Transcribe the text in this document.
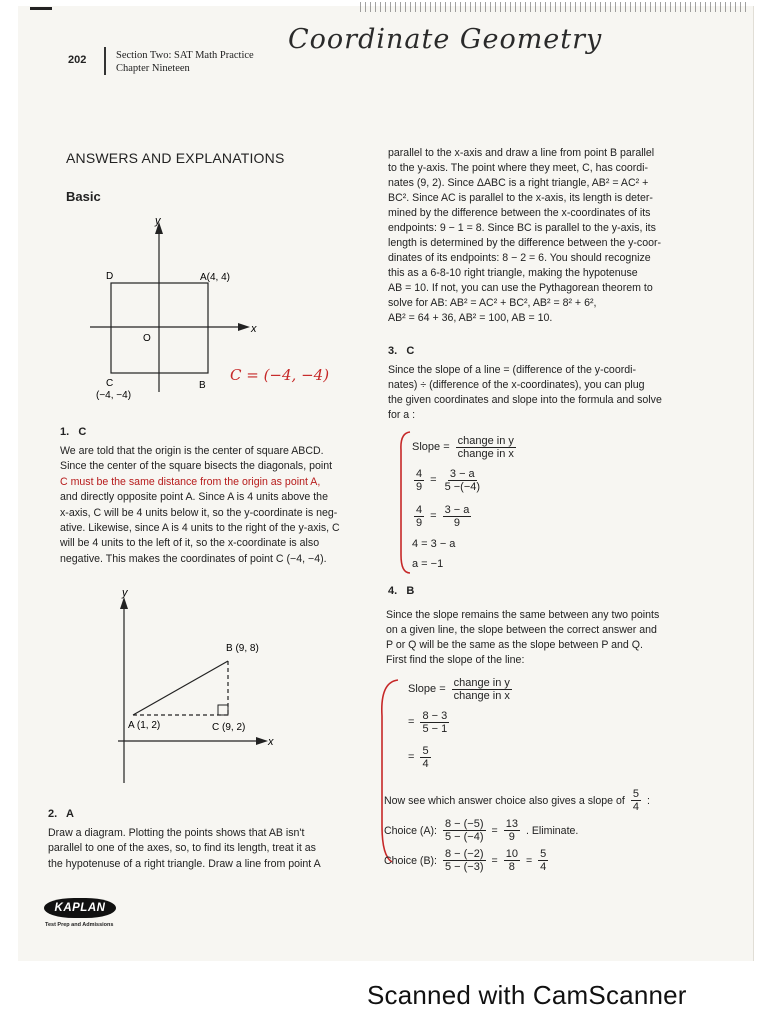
202	Section Two: SAT Math Practice
Chapter Nineteen
Coordinate Geometry
ANSWERS AND EXPLANATIONS
Basic
y
x
D	A(4, 4)
O
C
(−4, −4)
B
C = (−4, −4)
1. C
We are told that the origin is the center of square ABCD.
Since the center of the square bisects the diagonals, point
C must be the same distance from the origin as point A,
and directly opposite point A. Since A is 4 units above the
x-axis, C will be 4 units below it, so the y-coordinate is neg-
ative. Likewise, since A is 4 units to the right of the y-axis, C
will be 4 units to the left of it, so the x-coordinate is also
negative. This makes the coordinates of point C (−4, −4).
y
x
B (9, 8)
A (1, 2)	C (9, 2)
2. A
Draw a diagram. Plotting the points shows that AB isn't
parallel to one of the axes, so, to find its length, treat it as
the hypotenuse of a right triangle. Draw a line from point A
KAPLAN
Test Prep and Admissions
parallel to the x-axis and draw a line from point B parallel
to the y-axis. The point where they meet, C, has coordi-
nates (9, 2). Since ΔABC is a right triangle, AB² = AC² +
BC². Since AC is parallel to the x-axis, its length is deter-
mined by the difference between the x-coordinates of its
endpoints: 9 − 1 = 8. Since BC is parallel to the y-axis, its
length is determined by the difference between the y-coor-
dinates of its endpoints: 8 − 2 = 6. You should recognize
this as a 6-8-10 right triangle, making the hypotenuse
AB = 10. If not, you can use the Pythagorean theorem to
solve for AB: AB² = AC² + BC², AB² = 8² + 6²,
AB² = 64 + 36, AB² = 100, AB = 10.
3. C
Since the slope of a line = (difference of the y-coordi-
nates) ÷ (difference of the x-coordinates), you can plug
the given coordinates and slope into the formula and solve
for a :
Slope = $\frac{\text{change in y}}{\text{change in x}}$
$\frac{4}{9} = \frac{3 - a}{5 -(-4)}$
$\frac{4}{9} = \frac{3 - a}{9}$
4 = 3 − a
a = −1
4. B
Since the slope remains the same between any two points
on a given line, the slope between the correct answer and
P or Q will be the same as the slope between P and Q.
First find the slope of the line:
Slope = $\frac{\text{change in y}}{\text{change in x}}$
= $\frac{8 - 3}{5 - 1}$
= $\frac{5}{4}$
Now see which answer choice also gives a slope of $\frac{5}{4}$ :
Choice (A): $\frac{8 - (-5)}{5 - (-4)} = \frac{13}{9}$ . Eliminate.
Choice (B): $\frac{8 - (-2)}{5 - (-3)} = \frac{10}{8} = \frac{5}{4}$
Scanned with CamScanner
